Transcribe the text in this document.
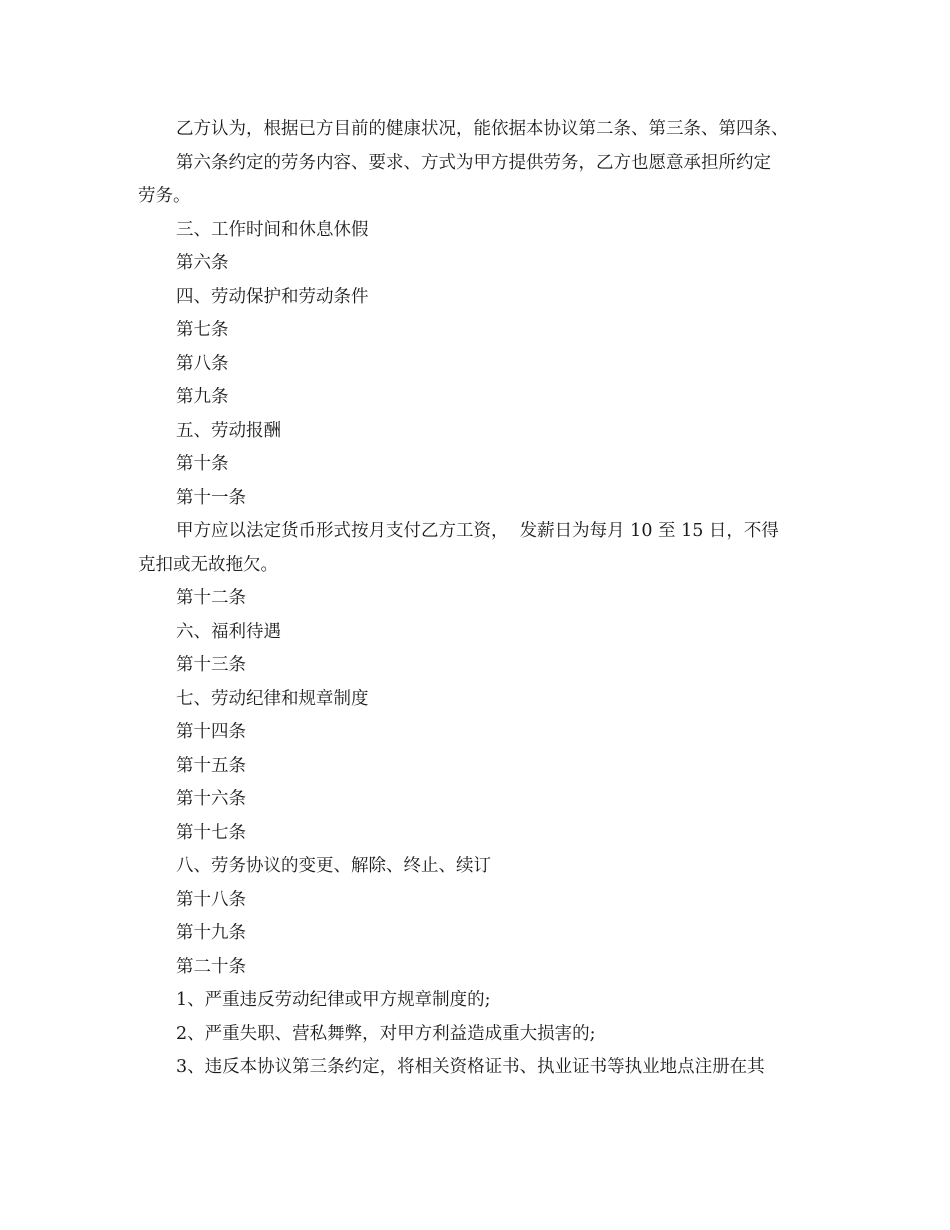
乙方认为，根据已方目前的健康状况，能依据本协议第二条、第三条、第四条、
第六条约定的劳务内容、要求、方式为甲方提供劳务，乙方也愿意承担所约定
劳务。
三、工作时间和休息休假
第六条
四、劳动保护和劳动条件
第七条
第八条
第九条
五、劳动报酬
第十条
第十一条
甲方应以法定货币形式按月支付乙方工资，  发薪日为每月 10 至 15 日，不得
克扣或无故拖欠。
第十二条
六、福利待遇
第十三条
七、劳动纪律和规章制度
第十四条
第十五条
第十六条
第十七条
八、劳务协议的变更、解除、终止、续订
第十八条
第十九条
第二十条
1、严重违反劳动纪律或甲方规章制度的;
2、严重失职、营私舞弊，对甲方利益造成重大损害的;
3、违反本协议第三条约定，将相关资格证书、执业证书等执业地点注册在其
